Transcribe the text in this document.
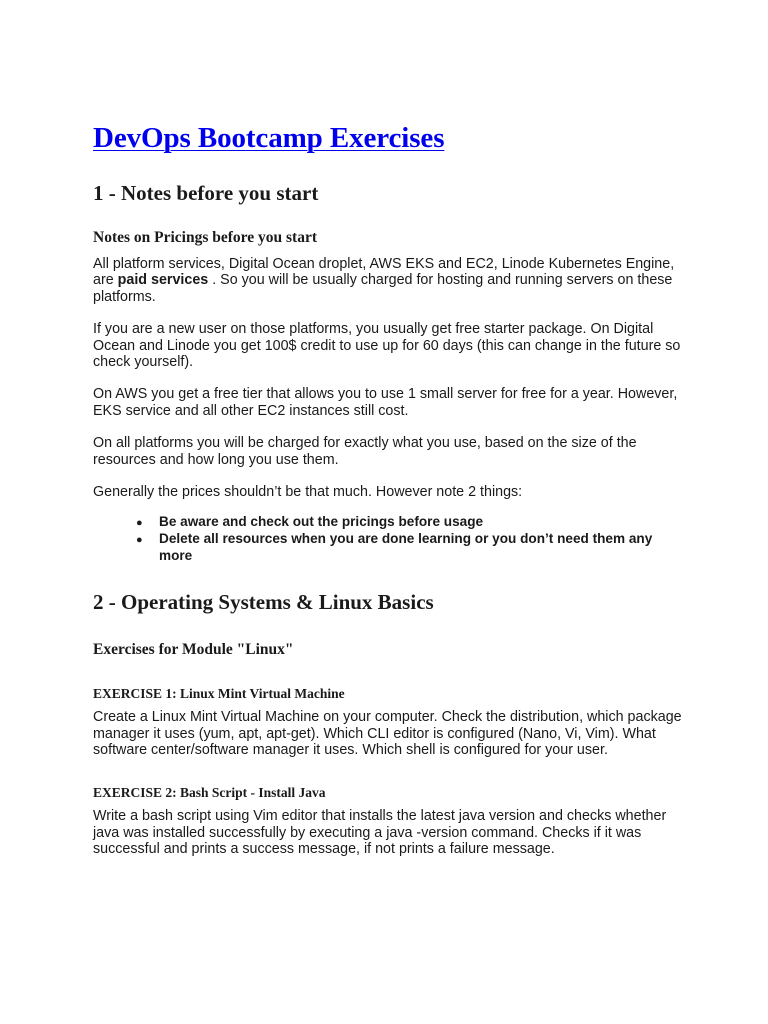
DevOps Bootcamp Exercises
1 - Notes before you start
Notes on Pricings before you start

All platform services, Digital Ocean droplet, AWS EKS and EC2, Linode Kubernetes Engine, are paid services . So you will be usually charged for hosting and running servers on these platforms.

If you are a new user on those platforms, you usually get free starter package. On Digital Ocean and Linode you get 100$ credit to use up for 60 days (this can change in the future so check yourself).

On AWS you get a free tier that allows you to use 1 small server for free for a year. However, EKS service and all other EC2 instances still cost.

On all platforms you will be charged for exactly what you use, based on the size of the resources and how long you use them.

Generally the prices shouldn’t be that much. However note 2 things:

● Be aware and check out the pricings before usage
● Delete all resources when you are done learning or you don’t need them any more
2 - Operating Systems & Linux Basics
Exercises for Module "Linux"
EXERCISE 1: Linux Mint Virtual Machine

Create a Linux Mint Virtual Machine on your computer. Check the distribution, which package manager it uses (yum, apt, apt-get). Which CLI editor is configured (Nano, Vi, Vim). What software center/software manager it uses. Which shell is configured for your user.

EXERCISE 2: Bash Script - Install Java

Write a bash script using Vim editor that installs the latest java version and checks whether java was installed successfully by executing a java -version command. Checks if it was successful and prints a success message, if not prints a failure message.
